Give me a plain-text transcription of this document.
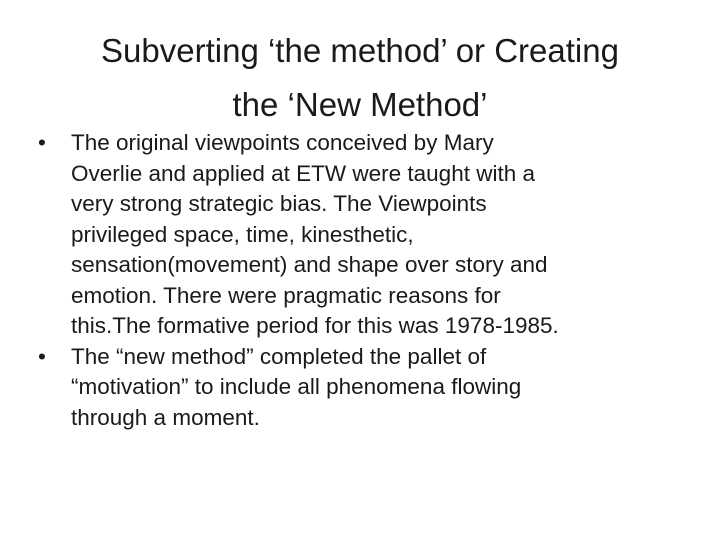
Subverting ‘the method’ or Creating
the ‘New Method’
•	The original viewpoints conceived by Mary
Overlie and applied at ETW were taught with a
very strong strategic bias. The Viewpoints
privileged space, time, kinesthetic,
sensation(movement) and shape over story and
emotion. There were pragmatic reasons for
this.The formative period for this was 1978-1985.
•	The “new method” completed the pallet of
“motivation” to include all phenomena flowing
through a moment.
